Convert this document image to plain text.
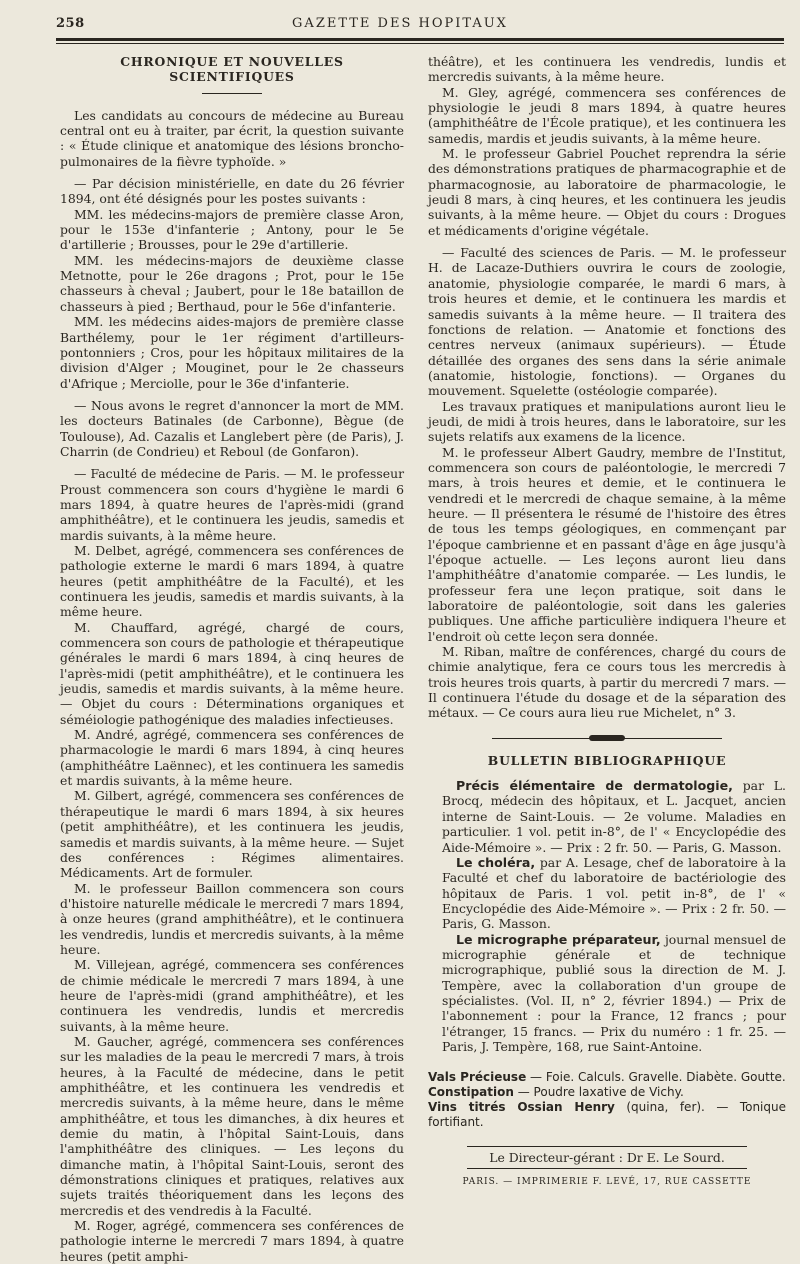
258	GAZETTE DES HOPITAUX
CHRONIQUE ET NOUVELLES SCIENTIFIQUES

Les candidats au concours de médecine au Bureau central ont eu à traiter, par écrit, la question suivante : « Étude clinique et anatomique des lésions broncho-pulmonaires de la fièvre typhoïde. »

— Par décision ministérielle, en date du 26 février 1894, ont été désignés pour les postes suivants :

MM. les médecins-majors de première classe Aron, pour le 153e d'infanterie ; Antony, pour le 5e d'artillerie ; Brousses, pour le 29e d'artillerie.

MM. les médecins-majors de deuxième classe Metnotte, pour le 26e dragons ; Prot, pour le 15e chasseurs à cheval ; Jaubert, pour le 18e bataillon de chasseurs à pied ; Berthaud, pour le 56e d'infanterie.

MM. les médecins aides-majors de première classe Barthélemy, pour le 1er régiment d'artilleurs-pontonniers ; Cros, pour les hôpitaux militaires de la division d'Alger ; Mouginet, pour le 2e chasseurs d'Afrique ; Merciolle, pour le 36e d'infanterie.

— Nous avons le regret d'annoncer la mort de MM. les docteurs Batinales (de Carbonne), Bègue (de Toulouse), Ad. Cazalis et Langlebert père (de Paris), J. Charrin (de Condrieu) et Reboul (de Gonfaron).

— Faculté de médecine de Paris. — M. le professeur Proust commencera son cours d'hygiène le mardi 6 mars 1894, à quatre heures de l'après-midi (grand amphithéâtre), et le continuera les jeudis, samedis et mardis suivants, à la même heure.

M. Delbet, agrégé, commencera ses conférences de pathologie externe le mardi 6 mars 1894, à quatre heures (petit amphithéâtre de la Faculté), et les continuera les jeudis, samedis et mardis suivants, à la même heure.

M. Chauffard, agrégé, chargé de cours, commencera son cours de pathologie et thérapeutique générales le mardi 6 mars 1894, à cinq heures de l'après-midi (petit amphithéâtre), et le continuera les jeudis, samedis et mardis suivants, à la même heure. — Objet du cours : Déterminations organiques et séméiologie pathogénique des maladies infectieuses.

M. André, agrégé, commencera ses conférences de pharmacologie le mardi 6 mars 1894, à cinq heures (amphithéâtre Laënnec), et les continuera les samedis et mardis suivants, à la même heure.

M. Gilbert, agrégé, commencera ses conférences de thérapeutique le mardi 6 mars 1894, à six heures (petit amphithéâtre), et les continuera les jeudis, samedis et mardis suivants, à la même heure. — Sujet des conférences : Régimes alimentaires. Médicaments. Art de formuler.

M. le professeur Baillon commencera son cours d'histoire naturelle médicale le mercredi 7 mars 1894, à onze heures (grand amphithéâtre), et le continuera les vendredis, lundis et mercredis suivants, à la même heure.

M. Villejean, agrégé, commencera ses conférences de chimie médicale le mercredi 7 mars 1894, à une heure de l'après-midi (grand amphithéâtre), et les continuera les vendredis, lundis et mercredis suivants, à la même heure.

M. Gaucher, agrégé, commencera ses conférences sur les maladies de la peau le mercredi 7 mars, à trois heures, à la Faculté de médecine, dans le petit amphithéâtre, et les continuera les vendredis et mercredis suivants, à la même heure, dans le même amphithéâtre, et tous les dimanches, à dix heures et demie du matin, à l'hôpital Saint-Louis, dans l'amphithéâtre des cliniques. — Les leçons du dimanche matin, à l'hôpital Saint-Louis, seront des démonstrations cliniques et pratiques, relatives aux sujets traités théoriquement dans les leçons des mercredis et des vendredis à la Faculté.

M. Roger, agrégé, commencera ses conférences de pathologie interne le mercredi 7 mars 1894, à quatre heures (petit amphi-

théâtre), et les continuera les vendredis, lundis et mercredis suivants, à la même heure.

M. Gley, agrégé, commencera ses conférences de physiologie le jeudi 8 mars 1894, à quatre heures (amphithéâtre de l'École pratique), et les continuera les samedis, mardis et jeudis suivants, à la même heure.

M. le professeur Gabriel Pouchet reprendra la série des démonstrations pratiques de pharmacographie et de pharmacognosie, au laboratoire de pharmacologie, le jeudi 8 mars, à cinq heures, et les continuera les jeudis suivants, à la même heure. — Objet du cours : Drogues et médicaments d'origine végétale.

— Faculté des sciences de Paris. — M. le professeur H. de Lacaze-Duthiers ouvrira le cours de zoologie, anatomie, physiologie comparée, le mardi 6 mars, à trois heures et demie, et le continuera les mardis et samedis suivants à la même heure. — Il traitera des fonctions de relation. — Anatomie et fonctions des centres nerveux (animaux supérieurs). — Étude détaillée des organes des sens dans la série animale (anatomie, histologie, fonctions). — Organes du mouvement. Squelette (ostéologie comparée).

Les travaux pratiques et manipulations auront lieu le jeudi, de midi à trois heures, dans le laboratoire, sur les sujets relatifs aux examens de la licence.

M. le professeur Albert Gaudry, membre de l'Institut, commencera son cours de paléontologie, le mercredi 7 mars, à trois heures et demie, et le continuera le vendredi et le mercredi de chaque semaine, à la même heure. — Il présentera le résumé de l'histoire des êtres de tous les temps géologiques, en commençant par l'époque cambrienne et en passant d'âge en âge jusqu'à l'époque actuelle. — Les leçons auront lieu dans l'amphithéâtre d'anatomie comparée. — Les lundis, le professeur fera une leçon pratique, soit dans le laboratoire de paléontologie, soit dans les galeries publiques. Une affiche particulière indiquera l'heure et l'endroit où cette leçon sera donnée.

M. Riban, maître de conférences, chargé du cours de chimie analytique, fera ce cours tous les mercredis à trois heures trois quarts, à partir du mercredi 7 mars. — Il continuera l'étude du dosage et de la séparation des métaux. — Ce cours aura lieu rue Michelet, n° 3.

BULLETIN BIBLIOGRAPHIQUE

Précis élémentaire de dermatologie, par L. Brocq, médecin des hôpitaux, et L. Jacquet, ancien interne de Saint-Louis. — 2e volume. Maladies en particulier. 1 vol. petit in-8°, de l' « Encyclopédie des Aide-Mémoire ». — Prix : 2 fr. 50. — Paris, G. Masson.

Le choléra, par A. Lesage, chef de laboratoire à la Faculté et chef du laboratoire de bactériologie des hôpitaux de Paris. 1 vol. petit in-8°, de l' « Encyclopédie des Aide-Mémoire ». — Prix : 2 fr. 50. — Paris, G. Masson.

Le micrographe préparateur, journal mensuel de micrographie générale et de technique micrographique, publié sous la direction de M. J. Tempère, avec la collaboration d'un groupe de spécialistes. (Vol. II, n° 2, février 1894.) — Prix de l'abonnement : pour la France, 12 francs ; pour l'étranger, 15 francs. — Prix du numéro : 1 fr. 25. — Paris, J. Tempère, 168, rue Saint-Antoine.

Vals Précieuse — Foie. Calculs. Gravelle. Diabète. Goutte.
Constipation — Poudre laxative de Vichy.
Vins titrés Ossian Henry (quina, fer). — Tonique fortifiant.
Le Directeur-gérant : Dr E. Le Sourd.
PARIS. — IMPRIMERIE F. LEVÉ, 17, RUE CASSETTE
